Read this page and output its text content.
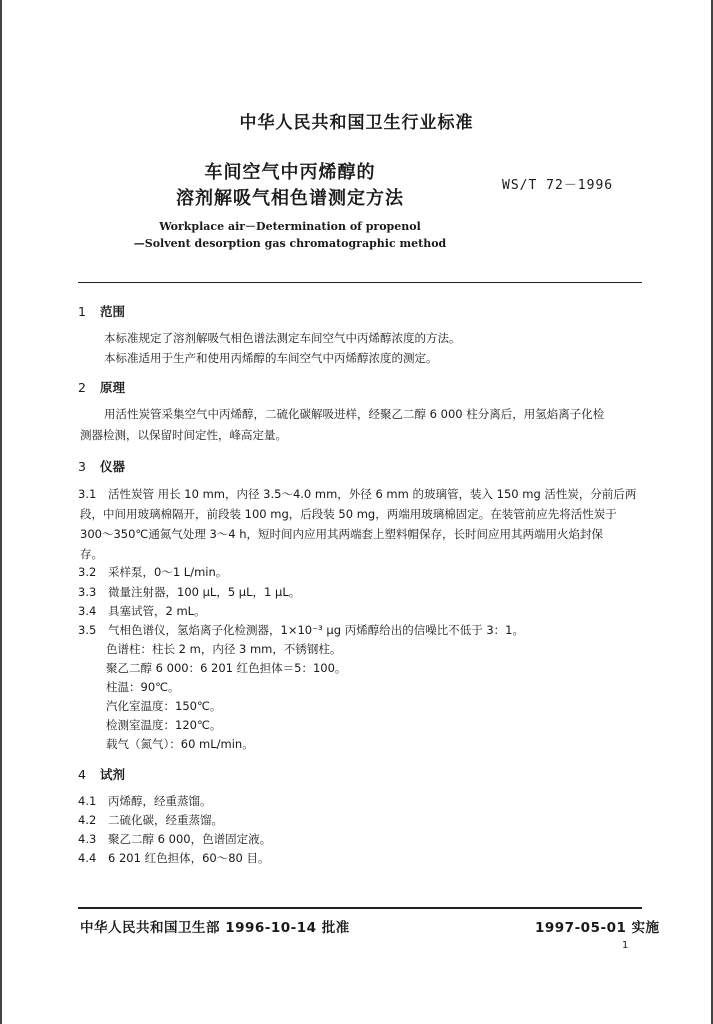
中华人民共和国卫生行业标准
车间空气中丙烯醇的
溶剂解吸气相色谱测定方法
WS/T 72－1996
Workplace air－Determination of propenol
—Solvent desorption gas chromatographic method
1 范围
本标准规定了溶剂解吸气相色谱法测定车间空气中丙烯醇浓度的方法。
本标准适用于生产和使用丙烯醇的车间空气中丙烯醇浓度的测定。
2 原理
用活性炭管采集空气中丙烯醇，二硫化碳解吸进样，经聚乙二醇 6 000 柱分离后，用氢焰离子化检
测器检测，以保留时间定性，峰高定量。
3 仪器
3.1 活性炭管 用长 10 mm，内径 3.5～4.0 mm，外径 6 mm 的玻璃管，装入 150 mg 活性炭，分前后两
段，中间用玻璃棉隔开，前段装 100 mg，后段装 50 mg，两端用玻璃棉固定。在装管前应先将活性炭于
300～350℃通氮气处理 3～4 h，短时间内应用其两端套上塑料帽保存，长时间应用其两端用火焰封保
存。
3.2 采样泵，0～1 L/min。
3.3 微量注射器，100 μL，5 μL，1 μL。
3.4 具塞试管，2 mL。
3.5 气相色谱仪，氢焰离子化检测器，1×10⁻³ μg 丙烯醇给出的信噪比不低于 3：1。
色谱柱：柱长 2 m，内径 3 mm，不锈钢柱。
聚乙二醇 6 000：6 201 红色担体＝5：100。
柱温：90℃。
汽化室温度：150℃。
检测室温度：120℃。
载气（氮气）：60 mL/min。
4 试剂
4.1 丙烯醇，经重蒸馏。
4.2 二硫化碳，经重蒸馏。
4.3 聚乙二醇 6 000，色谱固定液。
4.4 6 201 红色担体，60～80 目。
中华人民共和国卫生部 1996-10-14 批准	1997-05-01 实施
1
